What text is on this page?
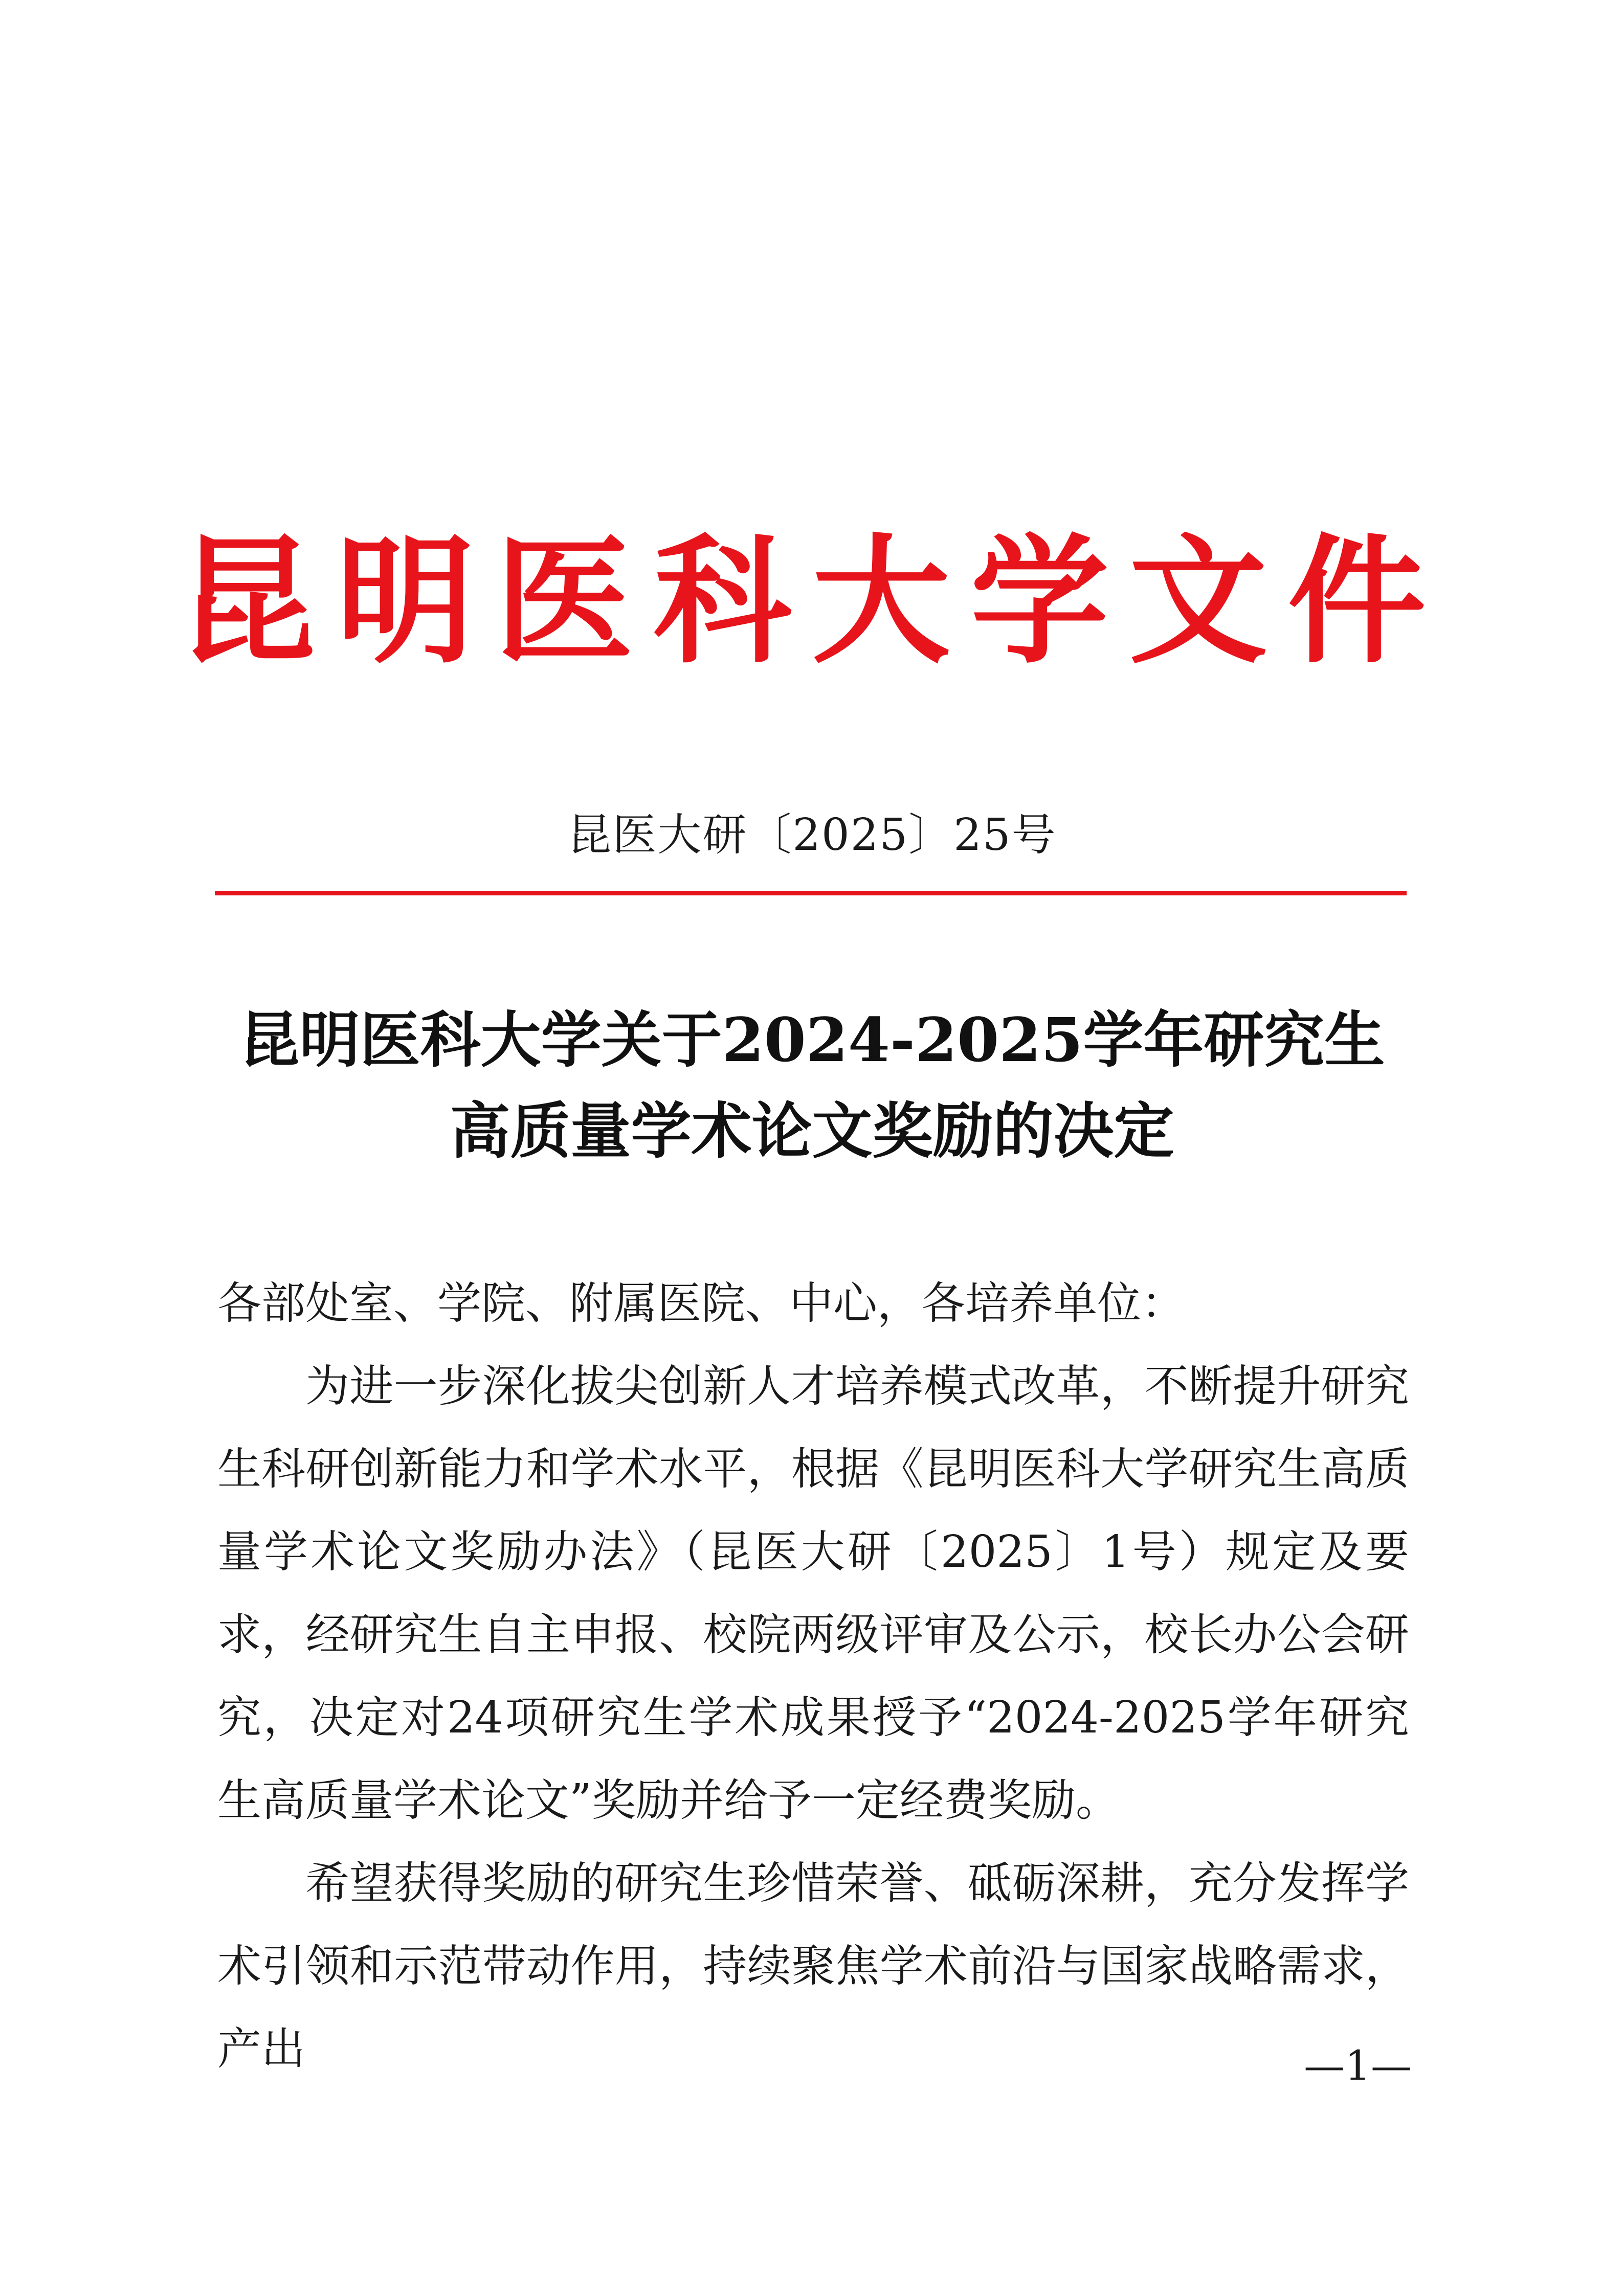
昆明医科大学文件
昆医大研〔2025〕25号
昆明医科大学关于2024-2025学年研究生
高质量学术论文奖励的决定

各部处室、学院、附属医院、中心，各培养单位：

为进一步深化拔尖创新人才培养模式改革，不断提升研究生科研创新能力和学术水平，根据《昆明医科大学研究生高质量学术论文奖励办法》（昆医大研〔2025〕1号）规定及要求，经研究生自主申报、校院两级评审及公示，校长办公会研究，决定对24项研究生学术成果授予“2024-2025学年研究生高质量学术论文”奖励并给予一定经费奖励。

希望获得奖励的研究生珍惜荣誉、砥砺深耕，充分发挥学术引领和示范带动作用，持续聚焦学术前沿与国家战略需求，产出	—1—
